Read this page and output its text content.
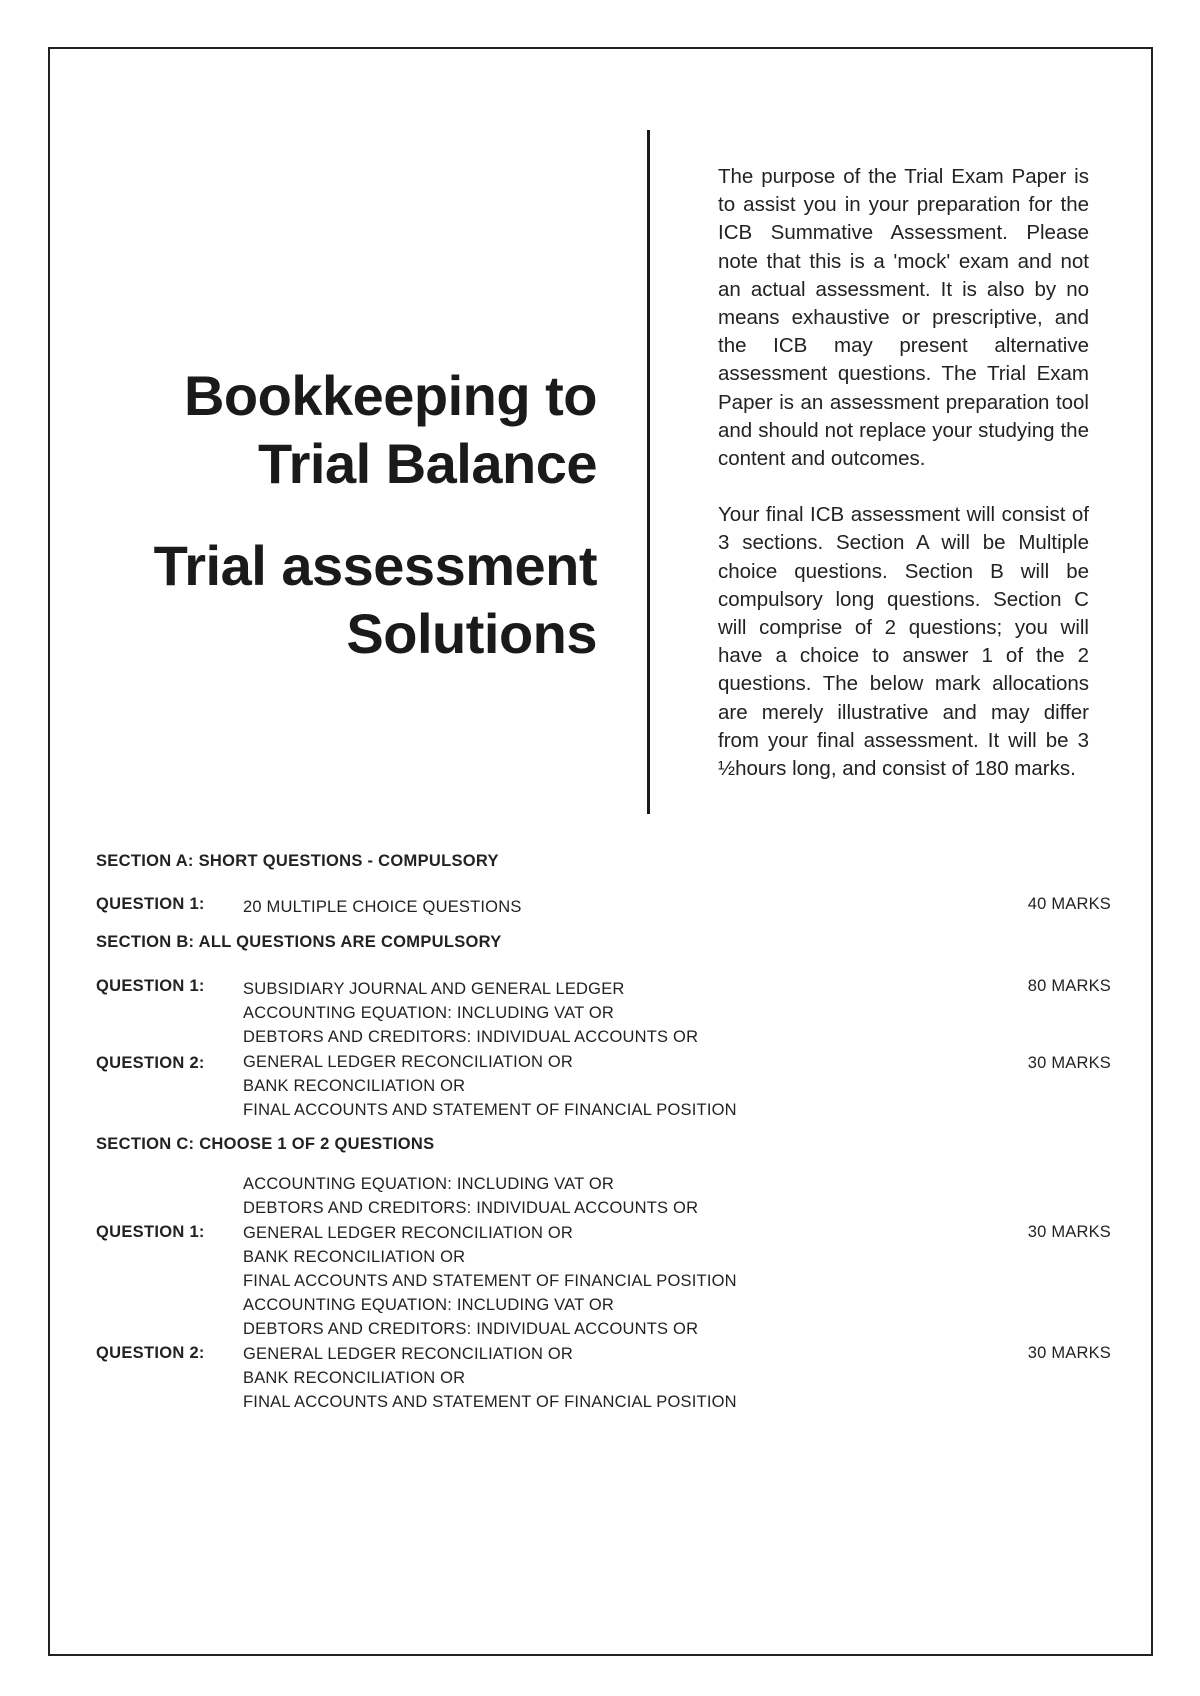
Bookkeeping to
Trial Balance
Trial assessment
Solutions

The purpose of the Trial Exam Paper is to assist you in your preparation for the ICB Summative Assessment. Please note that this is a 'mock' exam and not an actual assessment. It is also by no means exhaustive or prescriptive, and the ICB may present alternative assessment questions. The Trial Exam Paper is an assessment preparation tool and should not replace your studying the content and outcomes.

Your final ICB assessment will consist of 3 sections. Section A will be Multiple choice questions. Section B will be compulsory long questions. Section C will comprise of 2 questions; you will have a choice to answer 1 of the 2 questions. The below mark allocations are merely illustrative and may differ from your final assessment. It will be 3 ½hours long, and consist of 180 marks.

SECTION A: SHORT QUESTIONS - COMPULSORY
QUESTION 1: 20 MULTIPLE CHOICE QUESTIONS	40 MARKS
SECTION B: ALL QUESTIONS ARE COMPULSORY
QUESTION 1: SUBSIDIARY JOURNAL AND GENERAL LEDGER	80 MARKS
QUESTION 2:
ACCOUNTING EQUATION: INCLUDING VAT OR
DEBTORS AND CREDITORS: INDIVIDUAL ACCOUNTS OR
GENERAL LEDGER RECONCILIATION OR
BANK RECONCILIATION OR
FINAL ACCOUNTS AND STATEMENT OF FINANCIAL POSITION
30 MARKS
SECTION C: CHOOSE 1 OF 2 QUESTIONS
QUESTION 1:
ACCOUNTING EQUATION: INCLUDING VAT OR
DEBTORS AND CREDITORS: INDIVIDUAL ACCOUNTS OR
GENERAL LEDGER RECONCILIATION OR
BANK RECONCILIATION OR
FINAL ACCOUNTS AND STATEMENT OF FINANCIAL POSITION
30 MARKS
QUESTION 2:
ACCOUNTING EQUATION: INCLUDING VAT OR
DEBTORS AND CREDITORS: INDIVIDUAL ACCOUNTS OR
GENERAL LEDGER RECONCILIATION OR
BANK RECONCILIATION OR
FINAL ACCOUNTS AND STATEMENT OF FINANCIAL POSITION
30 MARKS
